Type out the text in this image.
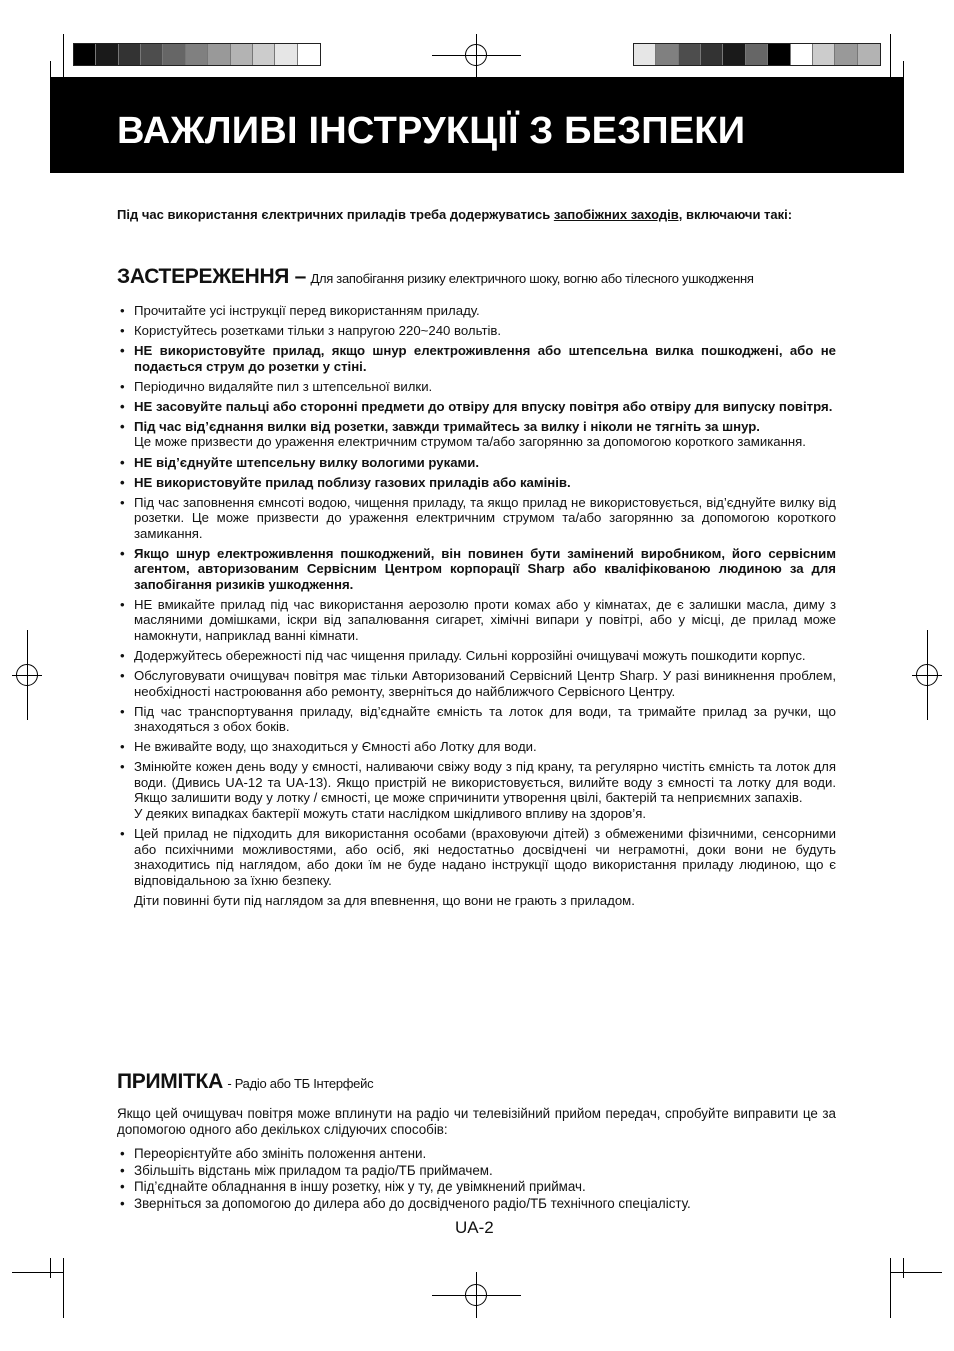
ВАЖЛИВІ ІНСТРУКЦІЇ З БЕЗПЕКИ
Під час використання єлектричних приладів треба додержуватись запобіжних заходів, включаючи такі:
ЗАСТЕРЕЖЕННЯ – Для запобігання ризику електричного шоку, вогню або тілесного ушкодження
• Прочитайте усі інструкції перед використанням приладу.
• Користуйтесь розетками тільки з напругою 220~240 вольтів.
• НЕ використовуйте прилад, якщо шнур електроживлення або штепсельна вилка пошкоджені, або не подається струм до розетки у стіні.
• Періодично видаляйте пил з штепсельної вилки.
• НЕ засовуйте пальці або сторонні предмети до отвіру для впуску повітря або отвіру для випуску повітря.
• Під час від’єднання вилки від розетки, завжди тримайтесь за вилку і ніколи не тягніть за шнур.
Це може призвести до ураження електричним струмом та/або загорянню за допомогою короткого замикання.
• НЕ від’єднуйте штепсельну вилку вологими руками.
• НЕ використовуйте прилад поблизу газових приладів або камінів.
• Під час заповнення ємнсоті водою, чищення приладу, та якщо прилад не використовується, від’єднуйте вилку від розетки. Це може призвести до ураження електричним струмом та/або загорянню за допомогою короткого замикання.
• Якщо шнур електроживлення пошкоджений, він повинен бути замінений виробником, його сервісним агентом, авторизованим Сервісним Центром корпорації Sharp або кваліфікованою людиною за для запобігання ризиків ушкодження.
• НЕ вмикайте прилад під час використання аерозолю проти комах або у кімнатах, де є залишки масла, диму з масляними домішками, іскри від запалювання сигарет, хімічні випари у повітрі, або у місці, де прилад може намокнути, наприклад ванні кімнати.
• Додержуйтесь обережності під час чищення приладу. Сильні коррозійні очищувачі можуть пошкодити корпус.
• Обслуговувати очищувач повітря має тільки Авторизований Сервісний Центр Sharp. У разі виникнення проблем, необхідності настроювання або ремонту, зверніться до найближчого Сервісного Центру.
• Під час транспортування приладу, від’єднайте ємність та лоток для води, та тримайте прилад за ручки, що знаходяться з обох боків.
• Не вживайте воду, що знаходиться у Ємності або Лотку для води.
• Змінюйте кожен день воду у ємності, наливаючи свіжу воду з під крану, та регулярно чистіть ємність та лоток для води. (Дивись UA-12 та UA-13). Якщо пристрій не використовується, вилийте воду з ємності та лотку для води. Якщо залишити воду у лотку / ємності, це може спричинити утворення цвілі, бактерій та неприємних запахів.
У деяких випадках бактерії можуть стати наслідком шкідливого впливу на здоров’я.
• Цей прилад не підходить для використання особами (враховуючи дітей) з обмеженими фізичними, сенсорними або психічними можливостями, або осіб, які недостатньо досвідчені чи неграмотні, доки вони не будуть знаходитись під наглядом, або доки їм не буде надано інструкції щодо використання приладу людиною, що є відповідальною за їхню безпеку.
Діти повинні бути під наглядом за для впевнення, що вони не грають з приладом.
ПРИМІТКА - Радіо або ТБ Інтерфейс
Якщо цей очищувач повітря може вплинути на радіо чи телевізійний прийом передач, спробуйте виправити це за допомогою одного або декількох слідуючих способів:
• Переорієнтуйте або змініть положення антени.
• Збільшіть відстань між приладом та радіо/ТБ приймачем.
• Під’єднайте обладнання в іншу розетку, ніж у ту, де увімкнений приймач.
• Зверніться за допомогою до дилера або до досвідченого радіо/ТБ технічного спеціалісту.
UA-2
